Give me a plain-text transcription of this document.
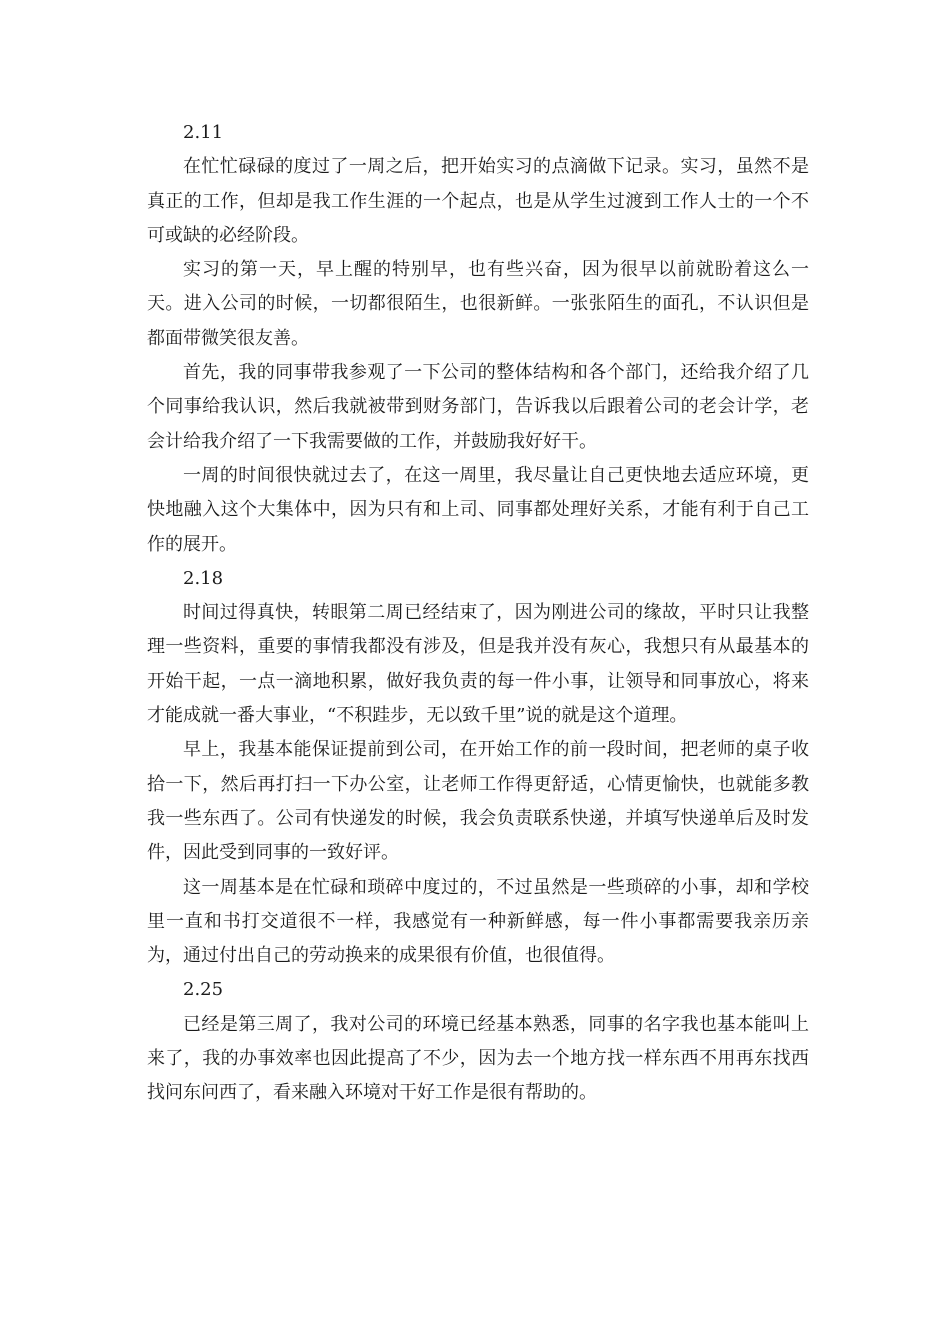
2.11

在忙忙碌碌的度过了一周之后，把开始实习的点滴做下记录。实习，虽然不是真正的工作，但却是我工作生涯的一个起点，也是从学生过渡到工作人士的一个不可或缺的必经阶段。

实习的第一天，早上醒的特别早，也有些兴奋，因为很早以前就盼着这么一天。进入公司的时候，一切都很陌生，也很新鲜。一张张陌生的面孔，不认识但是都面带微笑很友善。

首先，我的同事带我参观了一下公司的整体结构和各个部门，还给我介绍了几个同事给我认识，然后我就被带到财务部门，告诉我以后跟着公司的老会计学，老会计给我介绍了一下我需要做的工作，并鼓励我好好干。

一周的时间很快就过去了，在这一周里，我尽量让自己更快地去适应环境，更快地融入这个大集体中，因为只有和上司、同事都处理好关系，才能有利于自己工作的展开。

2.18

时间过得真快，转眼第二周已经结束了，因为刚进公司的缘故，平时只让我整理一些资料，重要的事情我都没有涉及，但是我并没有灰心，我想只有从最基本的开始干起，一点一滴地积累，做好我负责的每一件小事，让领导和同事放心，将来才能成就一番大事业，“不积跬步，无以致千里”说的就是这个道理。

早上，我基本能保证提前到公司，在开始工作的前一段时间，把老师的桌子收拾一下，然后再打扫一下办公室，让老师工作得更舒适，心情更愉快，也就能多教我一些东西了。公司有快递发的时候，我会负责联系快递，并填写快递单后及时发件，因此受到同事的一致好评。

这一周基本是在忙碌和琐碎中度过的，不过虽然是一些琐碎的小事，却和学校里一直和书打交道很不一样，我感觉有一种新鲜感，每一件小事都需要我亲历亲为，通过付出自己的劳动换来的成果很有价值，也很值得。

2.25

已经是第三周了，我对公司的环境已经基本熟悉，同事的名字我也基本能叫上来了，我的办事效率也因此提高了不少，因为去一个地方找一样东西不用再东找西找问东问西了，看来融入环境对干好工作是很有帮助的。
